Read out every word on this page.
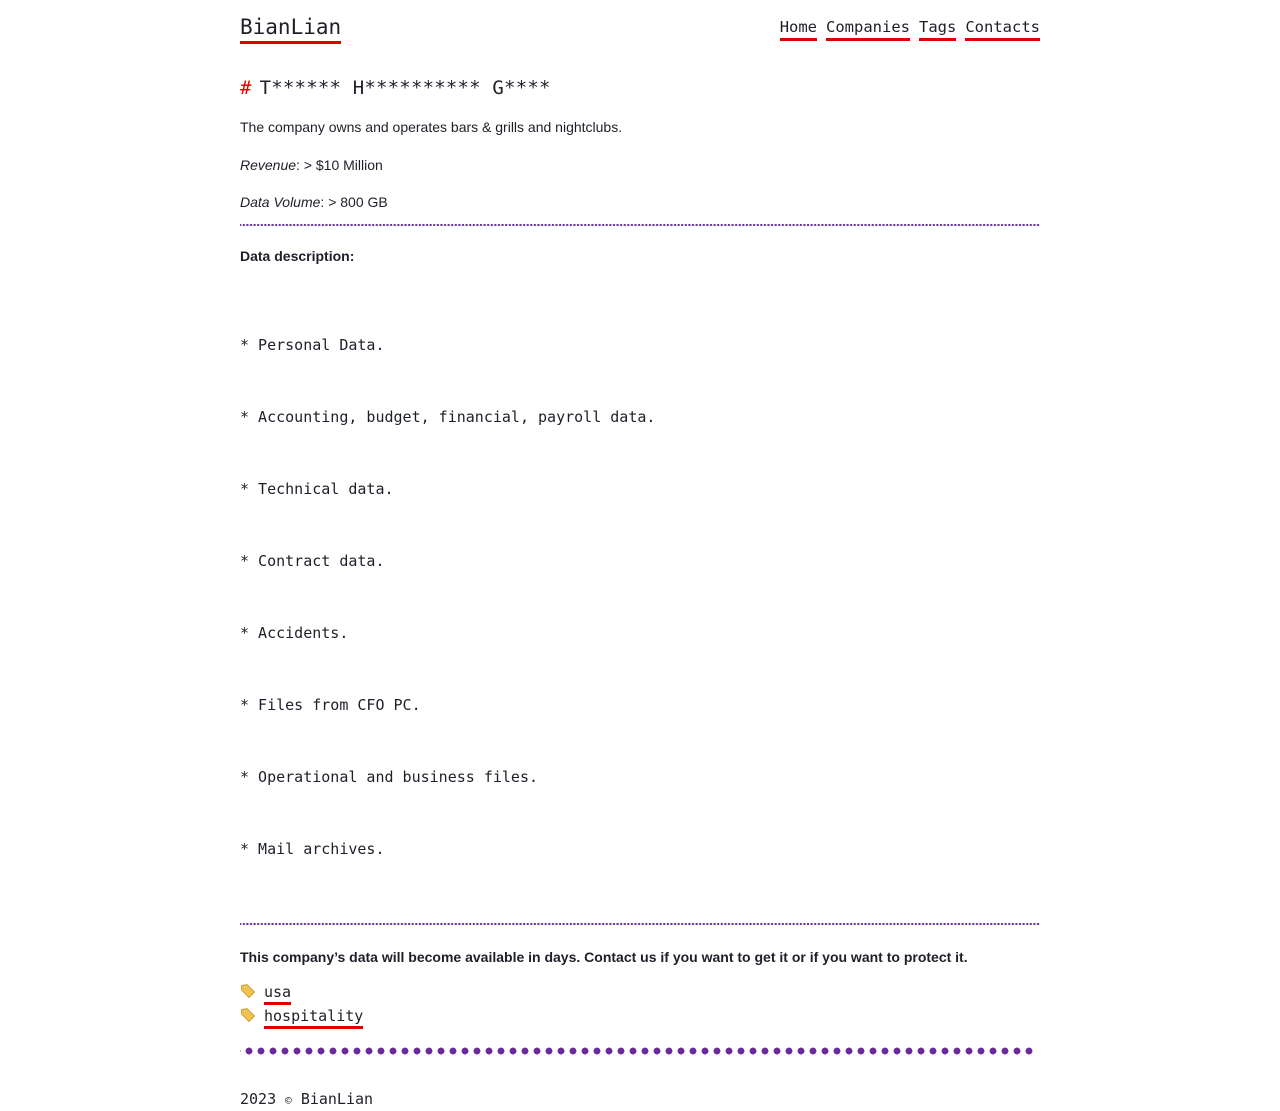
BianLian	Home Companies Tags Contacts
# T****** H********** G****

The company owns and operates bars & grills and nightclubs.

Revenue: > $10 Million

Data Volume: > 800 GB

Data description:

* Personal Data.

* Accounting, budget, financial, payroll data.

* Technical data.

* Contract data.

* Accidents.

* Files from CFO PC.

* Operational and business files.

* Mail archives.

This company’s data will become available in days. Contact us if you want to get it or if you want to protect it.
usa
hospitality
2023 © BianLian
